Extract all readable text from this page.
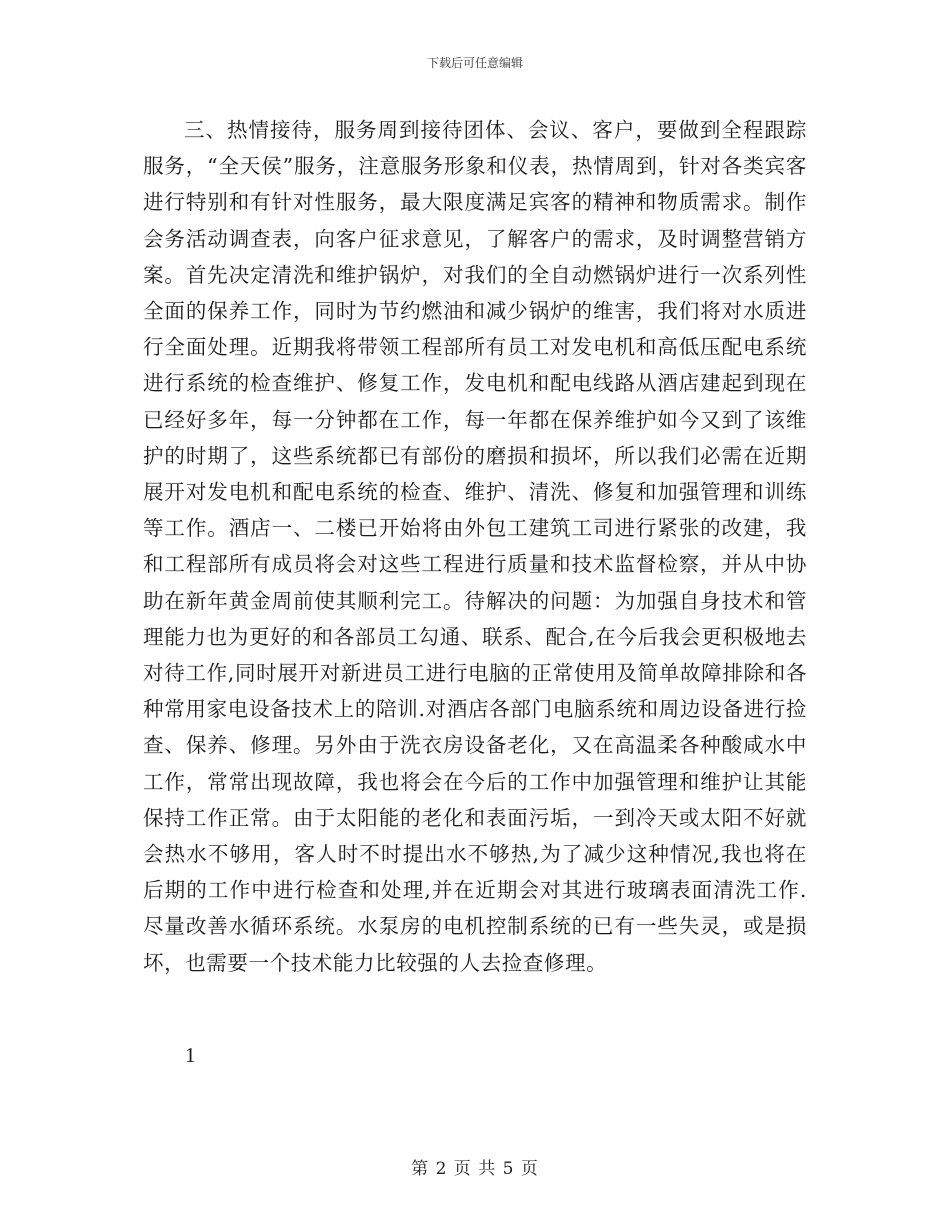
下载后可任意编辑

三、热情接待，服务周到接待团体、会议、客户，要做到全程跟踪服务，“全天侯”服务，注意服务形象和仪表，热情周到，针对各类宾客进行特别和有针对性服务，最大限度满足宾客的精神和物质需求。制作会务活动调查表，向客户征求意见，了解客户的需求，及时调整营销方案。首先决定清洗和维护锅炉，对我们的全自动燃锅炉进行一次系列性全面的保养工作，同时为节约燃油和减少锅炉的维害，我们将对水质进行全面处理。近期我将带领工程部所有员工对发电机和高低压配电系统进行系统的检查维护、修复工作，发电机和配电线路从酒店建起到现在已经好多年，每一分钟都在工作，每一年都在保养维护如今又到了该维护的时期了，这些系统都已有部份的磨损和损坏，所以我们必需在近期展开对发电机和配电系统的检查、维护、清洗、修复和加强管理和训练等工作。酒店一、二楼已开始将由外包工建筑工司进行紧张的改建，我和工程部所有成员将会对这些工程进行质量和技术监督检察，并从中协助在新年黄金周前使其顺利完工。待解决的问题：为加强自身技术和管理能力也为更好的和各部员工勾通、联系、配合,在今后我会更积极地去对待工作,同时展开对新进员工进行电脑的正常使用及简单故障排除和各种常用家电设备技术上的陪训.对酒店各部门电脑系统和周边设备进行捡查、保养、修理。另外由于洗衣房设备老化，又在高温柔各种酸咸水中工作，常常出现故障，我也将会在今后的工作中加强管理和维护让其能保持工作正常。由于太阳能的老化和表面污垢，一到冷天或太阳不好就会热水不够用，客人时不时提出水不够热,为了减少这种情况,我也将在后期的工作中进行检查和处理,并在近期会对其进行玻璃表面清洗工作.尽量改善水循环系统。水泵房的电机控制系统的已有一些失灵，或是损坏，也需要一个技术能力比较强的人去捡查修理。

1
第 2 页 共 5 页
